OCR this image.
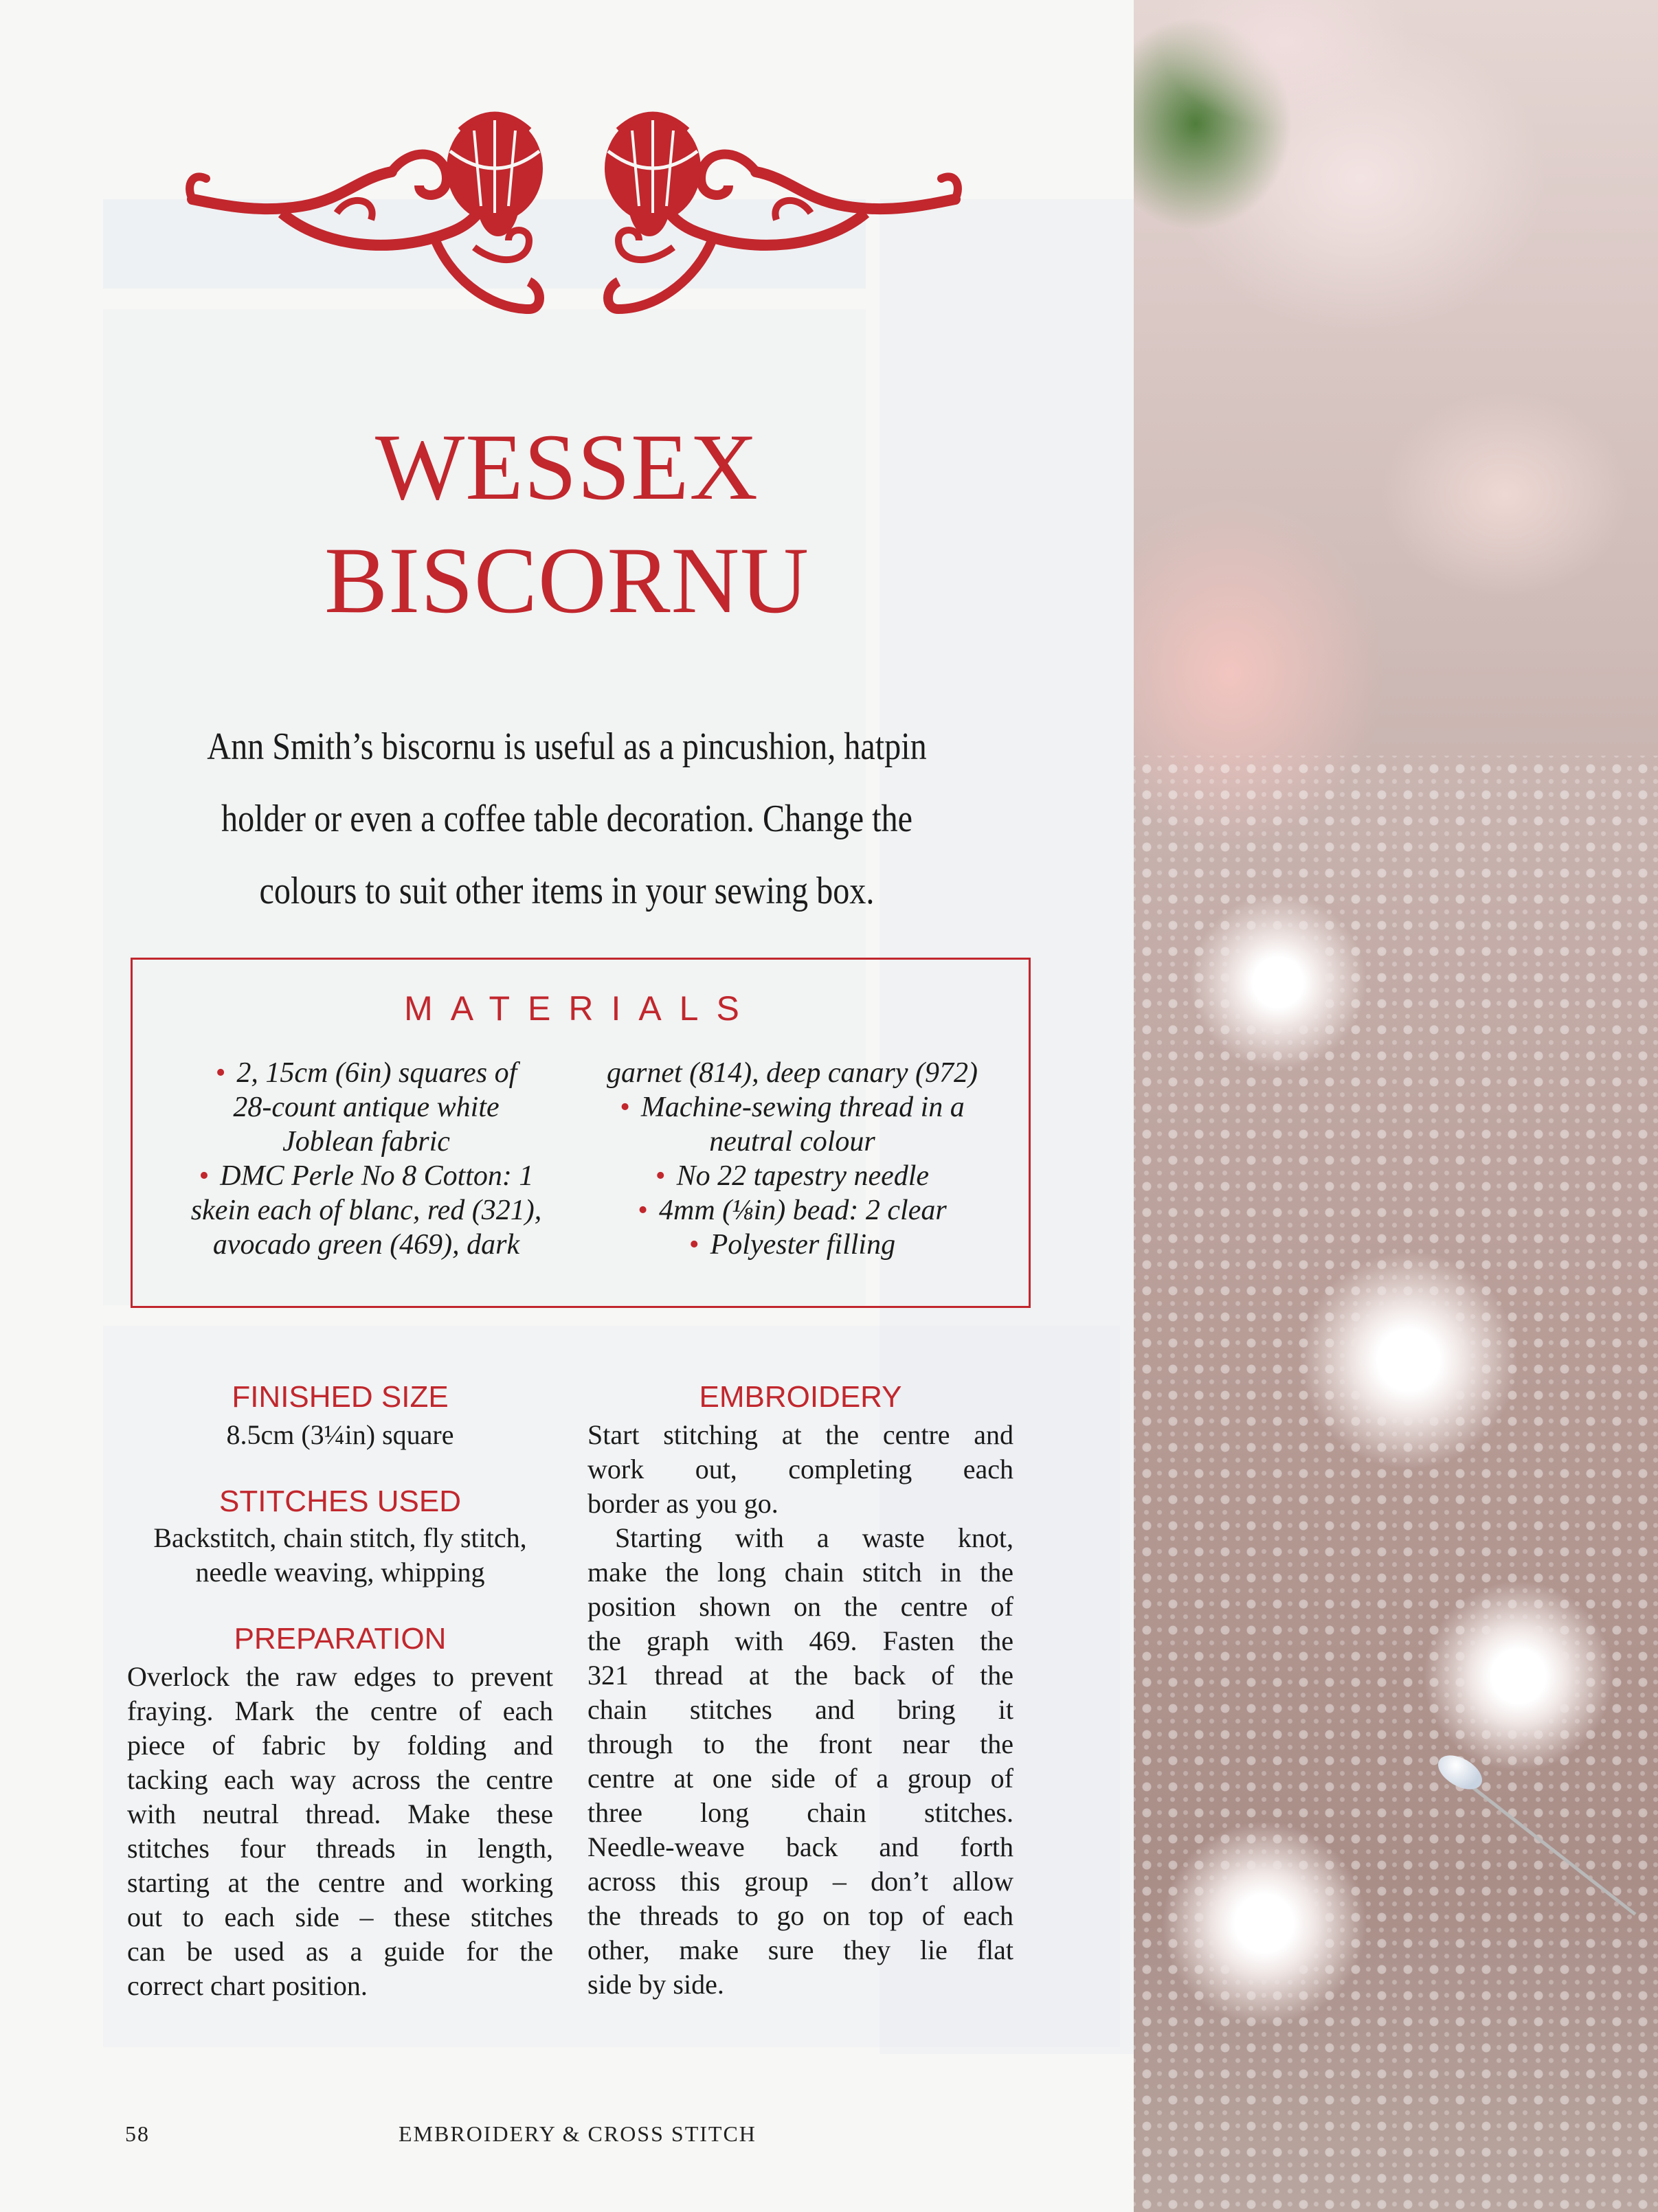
WESSEX
BISCORNU
Ann Smith’s biscornu is useful as a pincushion, hatpin
holder or even a coffee table decoration. Change the
colours to suit other items in your sewing box.
MATERIALS
• 2, 15cm (6in) squares of
28-count antique white
Joblean fabric
• DMC Perle No 8 Cotton: 1
skein each of blanc, red (321),
avocado green (469), dark
garnet (814), deep canary (972)
• Machine-sewing thread in a
neutral colour
• No 22 tapestry needle
• 4mm (⅛in) bead: 2 clear
• Polyester filling
FINISHED SIZE
8.5cm (3¼in) square
STITCHES USED
Backstitch, chain stitch, fly stitch,
needle weaving, whipping
PREPARATION
Overlock the raw edges to prevent
fraying. Mark the centre of each
piece of fabric by folding and
tacking each way across the centre
with neutral thread. Make these
stitches four threads in length,
starting at the centre and working
out to each side – these stitches
can be used as a guide for the
correct chart position.
EMBROIDERY
Start stitching at the centre and
work out, completing each
border as you go.
Starting with a waste knot,
make the long chain stitch in the
position shown on the centre of
the graph with 469. Fasten the
321 thread at the back of the
chain stitches and bring it
through to the front near the
centre at one side of a group of
three long chain stitches.
Needle-weave back and forth
across this group – don’t allow
the threads to go on top of each
other, make sure they lie flat
side by side.
58	EMBROIDERY & CROSS STITCH
